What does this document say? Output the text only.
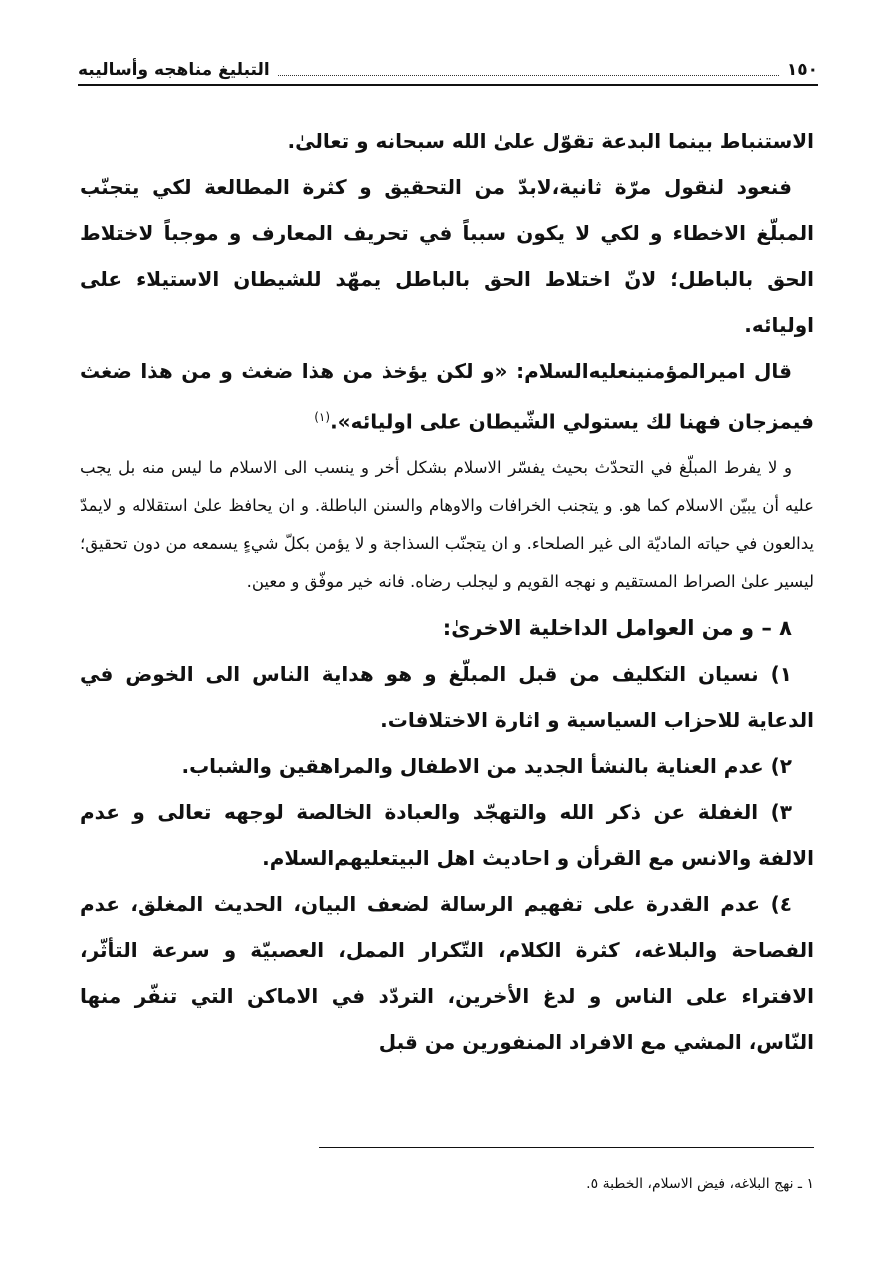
١٥٠
التبليغ مناهجه وأساليبه

الاستنباط بينما البدعة تقوّل علىٰ الله سبحانه و تعالىٰ.

فنعود لنقول مرّة ثانية،لابدّ من التحقيق و كثرة المطالعة لكي يتجنّب المبلّغ الاخطاء و لكي لا يكون سبباً في تحريف المعارف و موجباً لاختلاط الحق بالباطل؛ لانّ اختلاط الحق بالباطل يمهّد للشيطان الاستيلاء على اوليائه.

قال اميرالمؤمنينعليه‌السلام: «و لكن يؤخذ من هذا ضغث و من هذا ضغث فيمزجان فهنا لك يستولي الشّيطان على اوليائه».$^{(١)}$

و لا يفرط المبلّغ في التحدّث بحيث يفسّر الاسلام بشكل أخر و ينسب الى الاسلام ما ليس منه بل يجب عليه أن يبيّن الاسلام كما هو. و يتجنب الخرافات والاوهام والسنن الباطلة. و ان يحافظ علىٰ استقلاله و لايمدّ يدالعون في حياته الماديّة الى غير الصلحاء. و ان يتجنّب السذاجة و لا يؤمن بكلّ شيءٍ يسمعه من دون تحقيق؛ ليسير علىٰ الصراط المستقيم و نهجه القويم و ليجلب رضاه. فانه خير موفّق و معين.

٨ – و من العوامل الداخلية الاخرىٰ:

١) نسيان التكليف من قبل المبلّغ و هو هداية الناس الى الخوض في الدعاية للاحزاب السياسية و اثارة الاختلافات.

٢) عدم العناية بالنشأ الجديد من الاطفال والمراهقين والشباب.

٣) الغفلة عن ذكر الله والتهجّد والعبادة الخالصة لوجهه تعالى و عدم الالفة والانس مع القرأن و احاديث اهل البيتعليهم‌السلام.

٤) عدم القدرة على تفهيم الرسالة لضعف البيان، الحديث المغلق، عدم الفصاحة والبلاغه، كثرة الكلام، التّكرار الممل، العصبيّة و سرعة التأثّر، الافتراء على الناس و لدغ الأخرين، التردّد في الاماكن التي تنفّر منها النّاس، المشي مع الافراد المنفورين من قبل

١ ـ نهج البلاغه، فيض الاسلام، الخطبة ٥.
